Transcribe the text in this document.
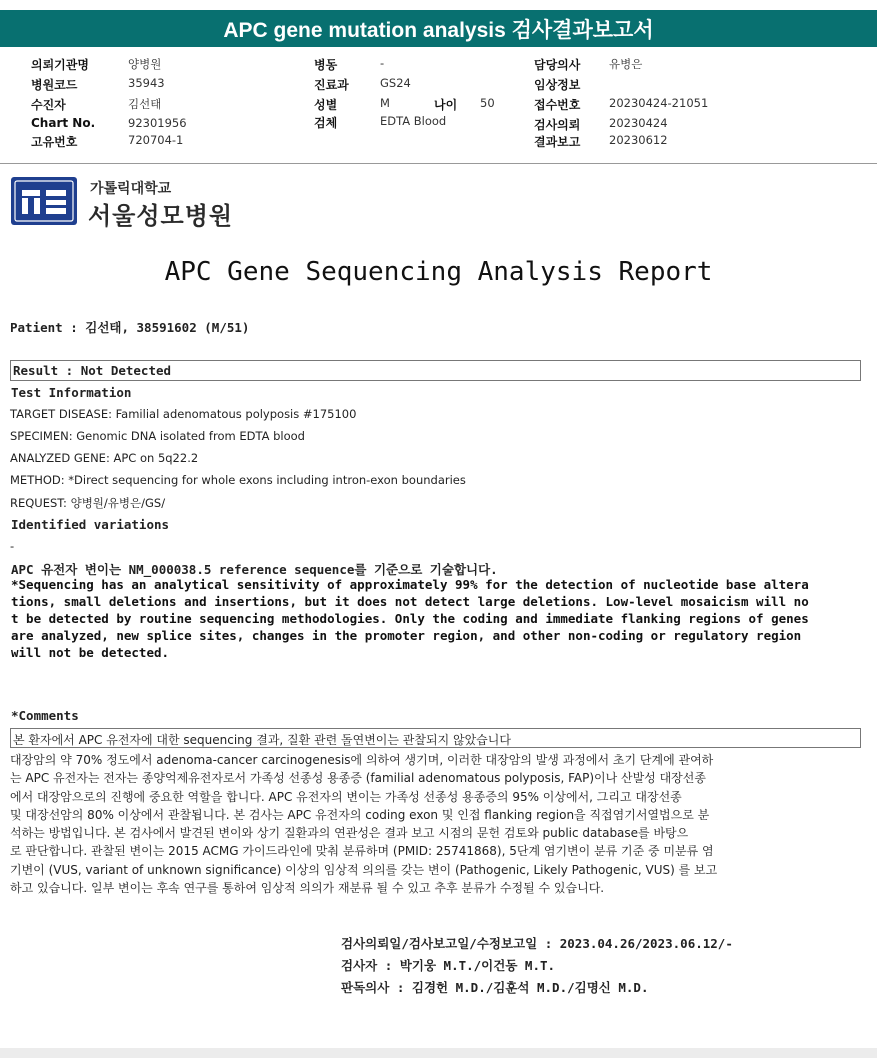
APC gene mutation analysis 검사결과보고서
의뢰기관명	양병원
병원코드	35943
수진자	김선태
Chart No.	92301956
고유번호	720704-1
병동	-
진료과	GS24
성별	M	나이 50
검체	EDTA Blood
담당의사 유병은
임상정보
접수번호 20230424-21051
검사의뢰 20230424
결과보고 20230612
가톨릭대학교
서울성모병원
APC Gene Sequencing Analysis Report
Patient : 김선태, 38591602 (M/51)
Result : Not Detected
Test Information
TARGET DISEASE: Familial adenomatous polyposis #175100
SPECIMEN: Genomic DNA isolated from EDTA blood
ANALYZED GENE: APC on 5q22.2
METHOD: *Direct sequencing for whole exons including intron-exon boundaries
REQUEST: 양병원/유병은/GS/
Identified variations
-
APC 유전자 변이는 NM_000038.5 reference sequence를 기준으로 기술합니다.
*Sequencing has an analytical sensitivity of approximately 99% for the detection of nucleotide base altera
tions, small deletions and insertions, but it does not detect large deletions. Low-level mosaicism will no
t be detected by routine sequencing methodologies. Only the coding and immediate flanking regions of genes
are analyzed, new splice sites, changes in the promoter region, and other non-coding or regulatory region
will not be detected.
*Comments
본 환자에서 APC 유전자에 대한 sequencing 결과, 질환 관련 돌연변이는 관찰되지 않았습니다
대장암의 약 70% 정도에서 adenoma-cancer carcinogenesis에 의하여 생기며, 이러한 대장암의 발생 과정에서 초기 단계에 관여하
는 APC 유전자는 전자는 종양억제유전자로서 가족성 선종성 용종증 (familial adenomatous polyposis, FAP)이나 산발성 대장선종
에서 대장암으로의 진행에 중요한 역할을 합니다. APC 유전자의 변이는 가족성 선종성 용종증의 95% 이상에서, 그리고 대장선종
및 대장선암의 80% 이상에서 관찰됩니다. 본 검사는 APC 유전자의 coding exon 및 인접 flanking region을 직접염기서열법으로 분
석하는 방법입니다. 본 검사에서 발견된 변이와 상기 질환과의 연관성은 결과 보고 시점의 문헌 검토와 public database를 바탕으
로 판단합니다. 관찰된 변이는 2015 ACMG 가이드라인에 맞춰 분류하며 (PMID: 25741868), 5단계 염기변이 분류 기준 중 미분류 염
기변이 (VUS, variant of unknown significance) 이상의 임상적 의의를 갖는 변이 (Pathogenic, Likely Pathogenic, VUS) 를 보고
하고 있습니다. 일부 변이는 후속 연구를 통하여 임상적 의의가 재분류 될 수 있고 추후 분류가 수정될 수 있습니다.
검사의뢰일/검사보고일/수정보고일 : 2023.04.26/2023.06.12/-
검사자 : 박기웅 M.T./이건동 M.T.
판독의사 : 김경헌 M.D./김훈석 M.D./김명신 M.D.
